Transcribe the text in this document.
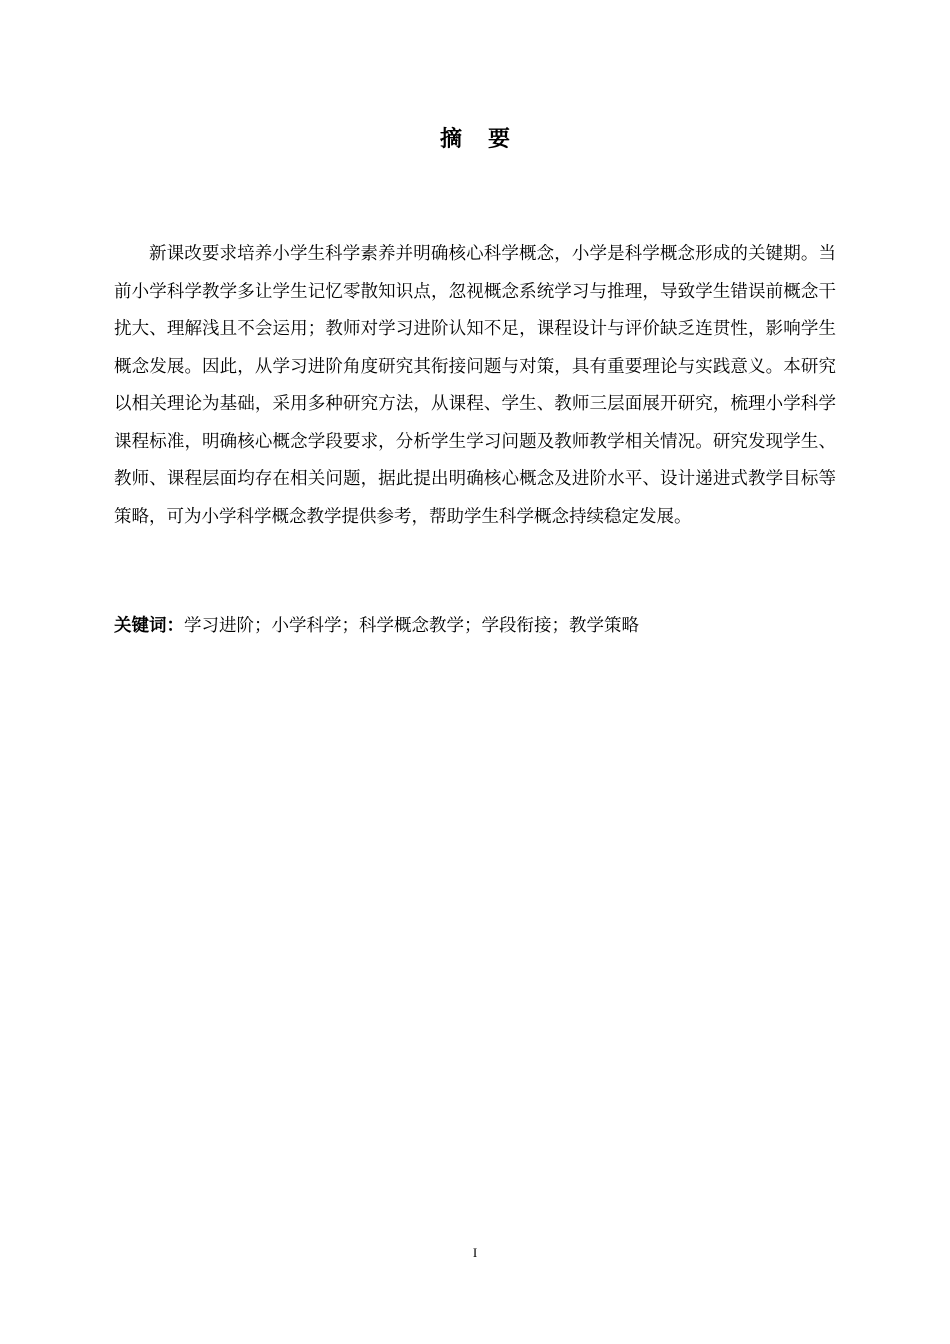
摘要

新课改要求培养小学生科学素养并明确核心科学概念，小学是科学概念形成的关键期。当前小学科学教学多让学生记忆零散知识点，忽视概念系统学习与推理，导致学生错误前概念干扰大、理解浅且不会运用；教师对学习进阶认知不足，课程设计与评价缺乏连贯性，影响学生概念发展。因此，从学习进阶角度研究其衔接问题与对策，具有重要理论与实践意义。本研究以相关理论为基础，采用多种研究方法，从课程、学生、教师三层面展开研究，梳理小学科学课程标准，明确核心概念学段要求，分析学生学习问题及教师教学相关情况。研究发现学生、教师、课程层面均存在相关问题，据此提出明确核心概念及进阶水平、设计递进式教学目标等策略，可为小学科学概念教学提供参考，帮助学生科学概念持续稳定发展。

关键词：学习进阶；小学科学；科学概念教学；学段衔接；教学策略

I
